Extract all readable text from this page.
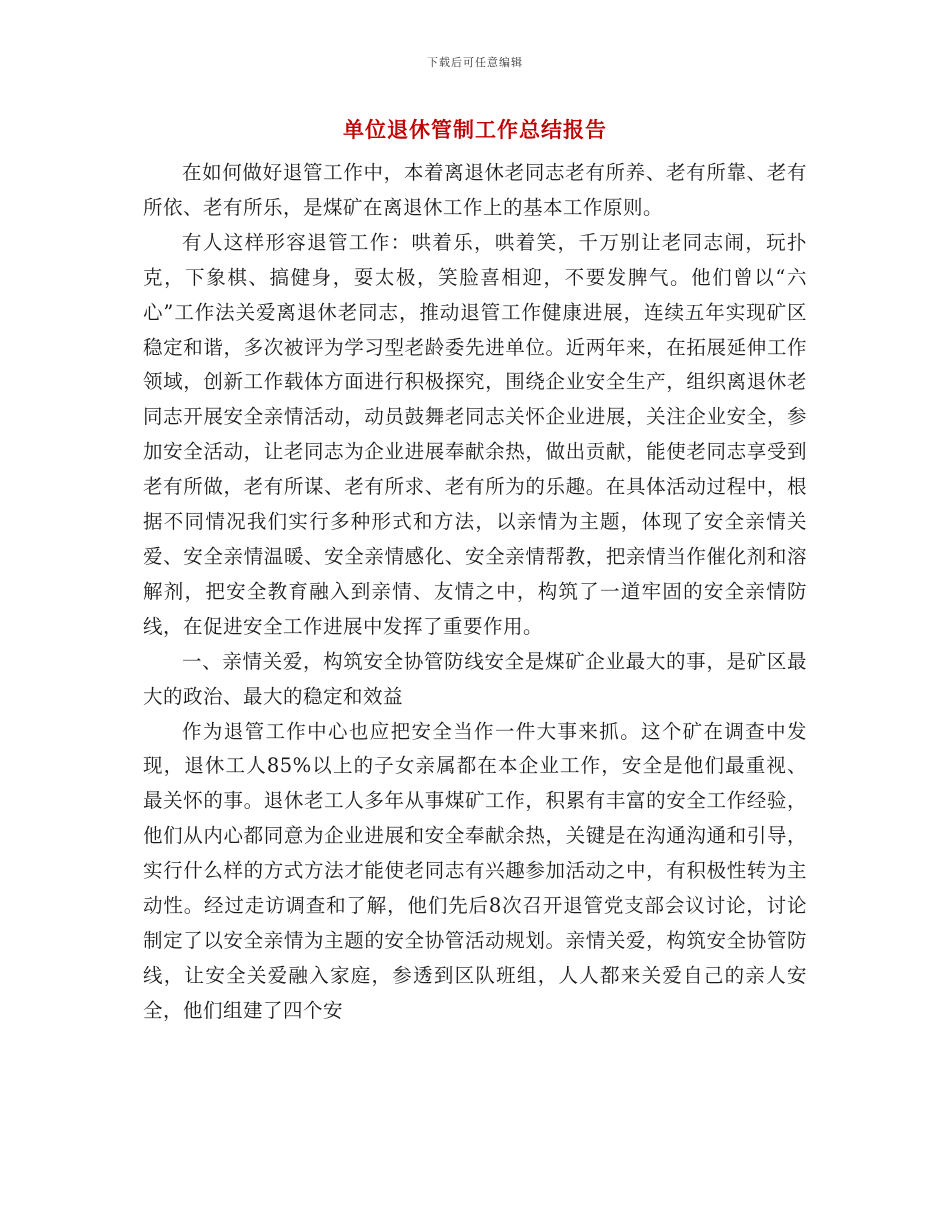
下载后可任意编辑
单位退休管制工作总结报告

在如何做好退管工作中，本着离退休老同志老有所养、老有所靠、老有所依、老有所乐，是煤矿在离退休工作上的基本工作原则。

有人这样形容退管工作：哄着乐，哄着笑，千万别让老同志闹，玩扑克，下象棋、搞健身，耍太极，笑脸喜相迎，不要发脾气。他们曾以“六心”工作法关爱离退休老同志，推动退管工作健康进展，连续五年实现矿区稳定和谐，多次被评为学习型老龄委先进单位。近两年来，在拓展延伸工作领域，创新工作载体方面进行积极探究，围绕企业安全生产，组织离退休老同志开展安全亲情活动，动员鼓舞老同志关怀企业进展，关注企业安全，参加安全活动，让老同志为企业进展奉献余热，做出贡献，能使老同志享受到老有所做，老有所谋、老有所求、老有所为的乐趣。在具体活动过程中，根据不同情况我们实行多种形式和方法，以亲情为主题，体现了安全亲情关爱、安全亲情温暖、安全亲情感化、安全亲情帮教，把亲情当作催化剂和溶解剂，把安全教育融入到亲情、友情之中，构筑了一道牢固的安全亲情防线，在促进安全工作进展中发挥了重要作用。

一、亲情关爱，构筑安全协管防线安全是煤矿企业最大的事，是矿区最大的政治、最大的稳定和效益

作为退管工作中心也应把安全当作一件大事来抓。这个矿在调查中发现，退休工人85%以上的子女亲属都在本企业工作，安全是他们最重视、最关怀的事。退休老工人多年从事煤矿工作，积累有丰富的安全工作经验，他们从内心都同意为企业进展和安全奉献余热，关键是在沟通沟通和引导，实行什么样的方式方法才能使老同志有兴趣参加活动之中，有积极性转为主动性。经过走访调查和了解，他们先后8次召开退管党支部会议讨论，讨论制定了以安全亲情为主题的安全协管活动规划。亲情关爱，构筑安全协管防线，让安全关爱融入家庭，参透到区队班组，人人都来关爱自己的亲人安全，他们组建了四个安
